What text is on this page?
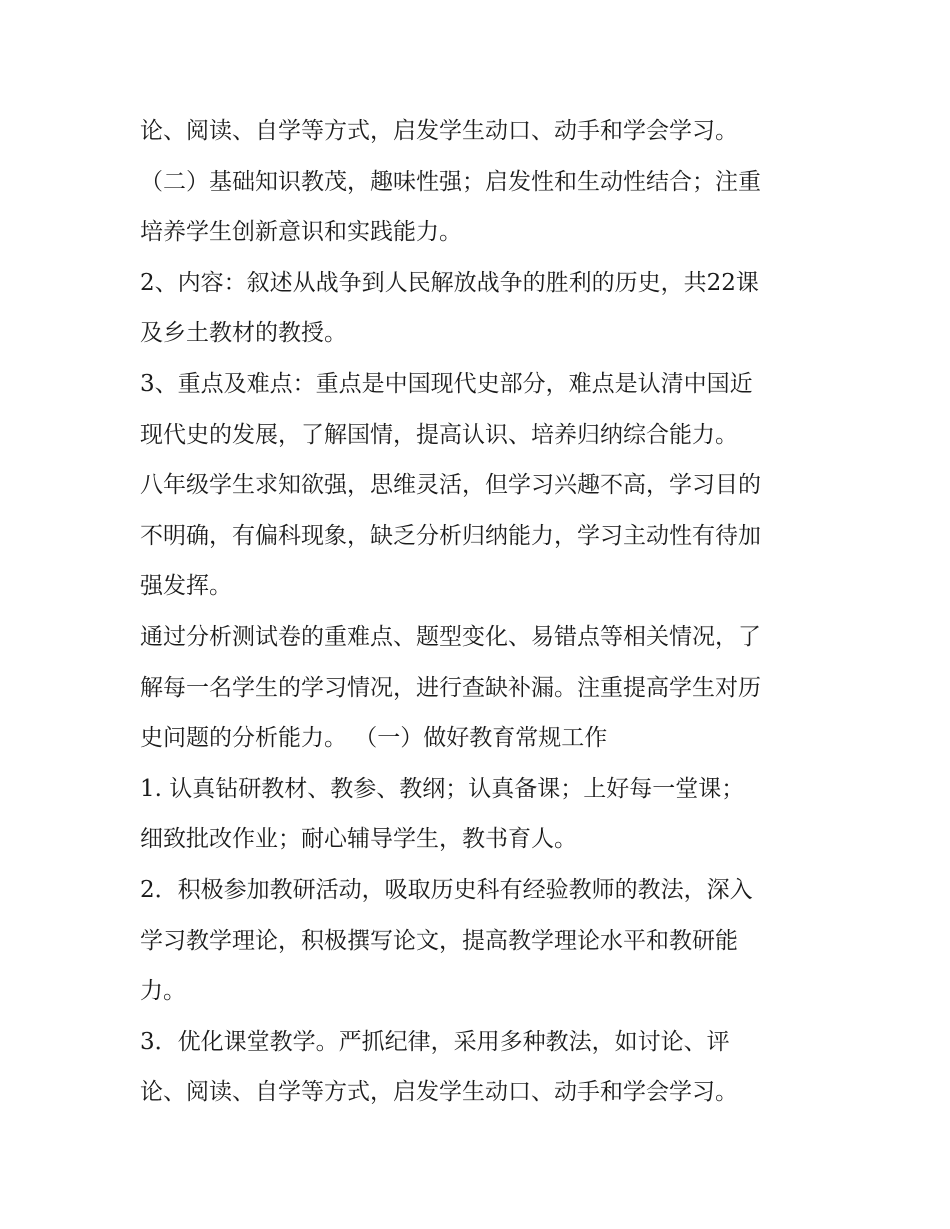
论、阅读、自学等方式，启发学生动口、动手和学会学习。
（二）基础知识教茂，趣味性强；启发性和生动性结合；注重
培养学生创新意识和实践能力。
2、内容：叙述从战争到人民解放战争的胜利的历史，共22课
及乡土教材的教授。
3、重点及难点：重点是中国现代史部分，难点是认清中国近
现代史的发展，了解国情，提高认识、培养归纳综合能力。
八年级学生求知欲强，思维灵活，但学习兴趣不高，学习目的
不明确，有偏科现象，缺乏分析归纳能力，学习主动性有待加
强发挥。
通过分析测试卷的重难点、题型变化、易错点等相关情况，了
解每一名学生的学习情况，进行查缺补漏。注重提高学生对历
史问题的分析能力。 （一）做好教育常规工作
1. 认真钻研教材、教参、教纲；认真备课；上好每一堂课；
细致批改作业；耐心辅导学生，教书育人。
2．积极参加教研活动，吸取历史科有经验教师的教法，深入
学习教学理论，积极撰写论文，提高教学理论水平和教研能
力。
3．优化课堂教学。严抓纪律，采用多种教法，如讨论、评
论、阅读、自学等方式，启发学生动口、动手和学会学习。
